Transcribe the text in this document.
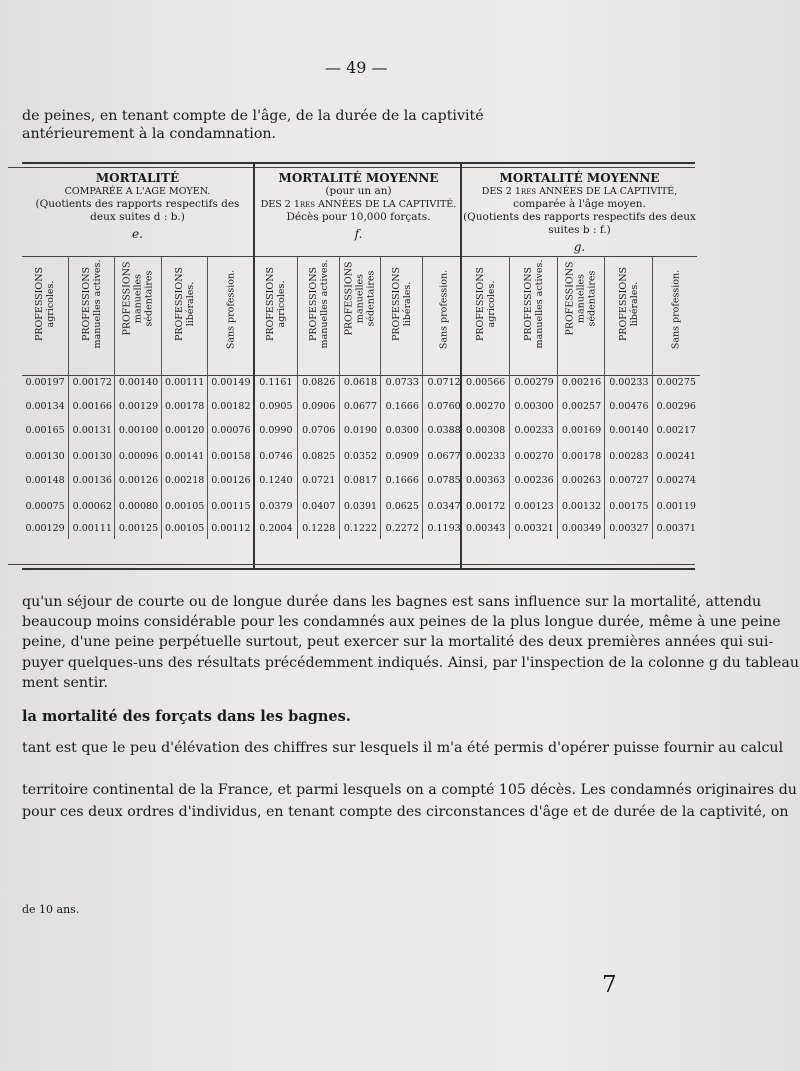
— 49 —
de peines, en tenant compte de l'âge, de la durée de la captivité
antérieurement à la condamnation.
MORTALITÉ
COMPARÉE A L'AGE MOYEN.
(Quotients des rapports respectifs des deux suites d : b.)
e.
PROFESSIONS agricoles.
0.00197
0.00134
0.00165
0.00130
0.00148
0.00075
0.00129
PROFESSIONS manuelles actives.
0.00172
0.00166
0.00131
0.00130
0.00136
0.00062
0.00111
PROFESSIONS manuelles sédentaires
0.00140
0.00129
0.00100
0.00096
0.00126
0.00080
0.00125
PROFESSIONS libérales.
0.00111
0.00178
0.00120
0.00141
0.00218
0.00105
0.00105
Sans profession.
0.00149
0.00182
0.00076
0.00158
0.00126
0.00115
0.00112
MORTALITÉ MOYENNE
(pour un an)
DES 2 1res ANNÉES DE LA CAPTIVITÉ.
Décès pour 10,000 forçats.
f.
PROFESSIONS agricoles.
0.1161
0.0905
0.0990
0.0746
0.1240
0.0379
0.2004
PROFESSIONS manuelles actives.
0.0826
0.0906
0.0706
0.0825
0.0721
0.0407
0.1228
PROFESSIONS manuelles sédentaires
0.0618
0.0677
0.0190
0.0352
0.0817
0.0391
0.1222
PROFESSIONS libérales.
0.0733
0.1666
0.0300
0.0909
0.1666
0.0625
0.2272
Sans profession.
0.0712
0.0760
0.0388
0.0677
0.0785
0.0347
0.1193
MORTALITÉ MOYENNE
DES 2 1res ANNÉES DE LA CAPTIVITÉ,
comparée à l'âge moyen.
(Quotients des rapports respectifs des deux suites b : f.)
g.
PROFESSIONS agricoles.
0.00566
0.00270
0.00308
0.00233
0.00363
0.00172
0.00343
PROFESSIONS manuelles actives.
0.00279
0.00300
0.00233
0.00270
0.00236
0.00123
0.00321
PROFESSIONS manuelles sédentaires
0.00216
0.00257
0.00169
0.00178
0.00263
0.00132
0.00349
PROFESSIONS libérales.
0.00233
0.00476
0.00140
0.00283
0.00727
0.00175
0.00327
Sans profession.
0.00275
0.00296
0.00217
0.00241
0.00274
0.00119
0.00371
qu'un séjour de courte ou de longue durée dans les bagnes est sans influence sur la mortalité, attendu
beaucoup moins considérable pour les condamnés aux peines de la plus longue durée, même à une peine
peine, d'une peine perpétuelle surtout, peut exercer sur la mortalité des deux premières années qui sui-
puyer quelques-uns des résultats précédemment indiqués. Ainsi, par l'inspection de la colonne g du tableau
ment sentir.
la mortalité des forçats dans les bagnes.
tant est que le peu d'élévation des chiffres sur lesquels il m'a été permis d'opérer puisse fournir au calcul
territoire continental de la France, et parmi lesquels on a compté 105 décès. Les condamnés originaires du
pour ces deux ordres d'individus, en tenant compte des circonstances d'âge et de durée de la captivité, on
de 10 ans.
7
